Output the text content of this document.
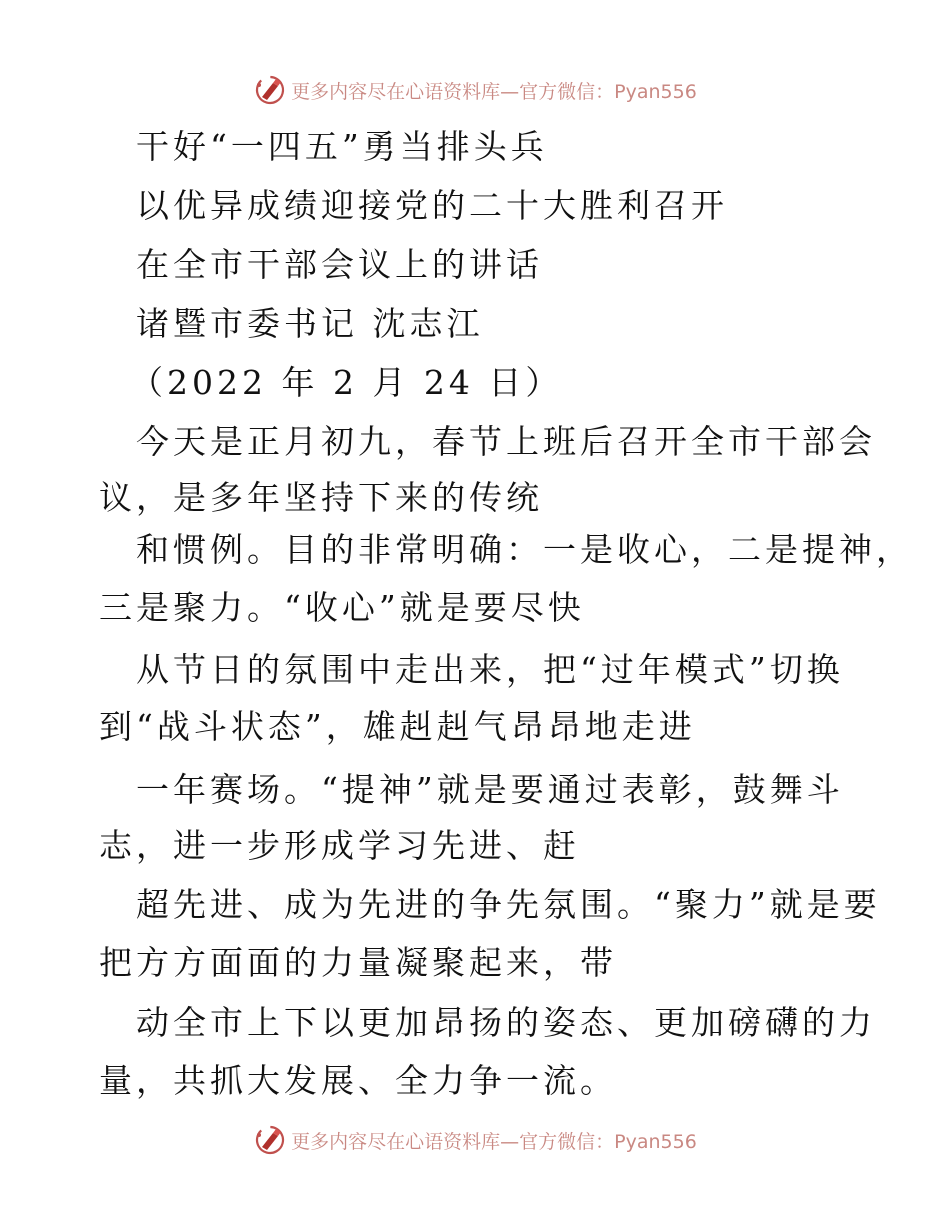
更多内容尽在心语资料库—官方微信：Pyan556
干好“一四五”勇当排头兵
以优异成绩迎接党的二十大胜利召开
在全市干部会议上的讲话
诸暨市委书记 沈志江
（2022 年 2 月 24 日）
今天是正月初九，春节上班后召开全市干部会
议，是多年坚持下来的传统
和惯例。目的非常明确：一是收心，二是提神，
三是聚力。“收心”就是要尽快
从节日的氛围中走出来，把“过年模式”切换
到“战斗状态”，雄赳赳气昂昂地走进
一年赛场。“提神”就是要通过表彰，鼓舞斗
志，进一步形成学习先进、赶
超先进、成为先进的争先氛围。“聚力”就是要
把方方面面的力量凝聚起来，带
动全市上下以更加昂扬的姿态、更加磅礴的力
量，共抓大发展、全力争一流。
更多内容尽在心语资料库—官方微信：Pyan556
